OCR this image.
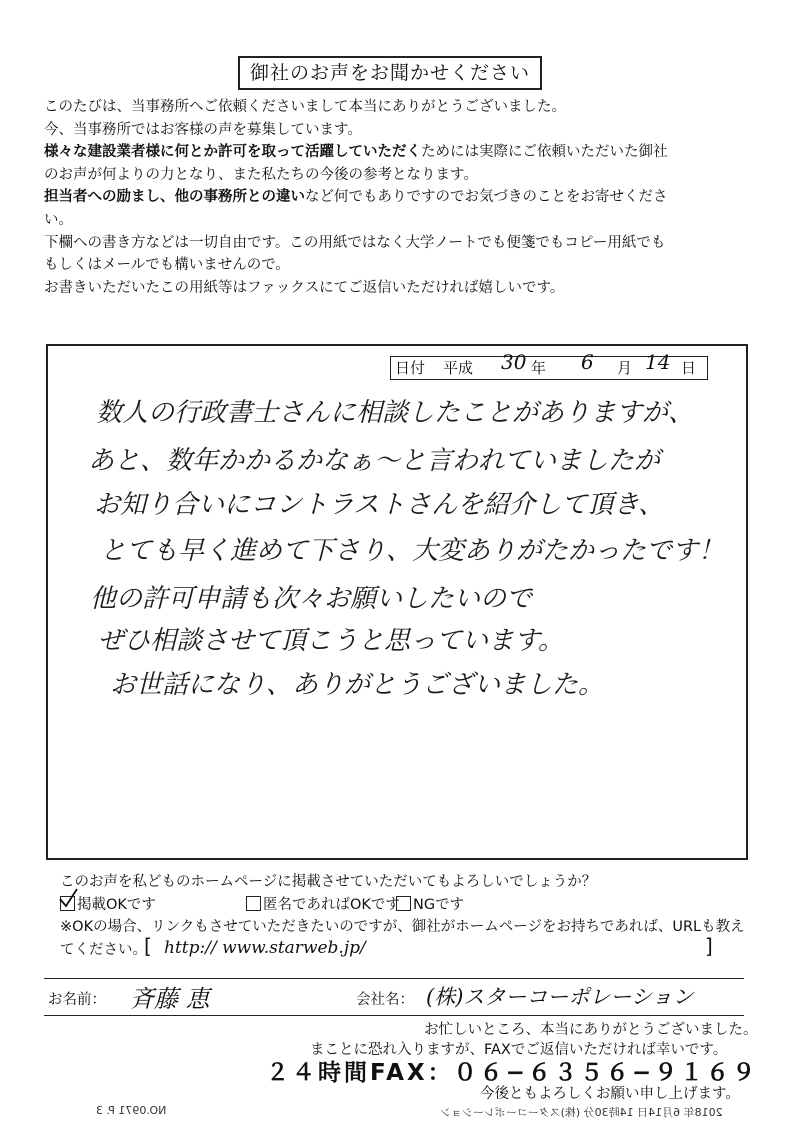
御社のお声をお聞かせください

このたびは、当事務所へご依頼くださいまして本当にありがとうございました。

今、当事務所ではお客様の声を募集しています。

様々な建設業者様に何とか許可を取って活躍していただくためには実際にご依頼いただいた御社

のお声が何よりの力となり、また私たちの今後の参考となります。

担当者への励まし、他の事務所との違いなど何でもありですのでお気づきのことをお寄せくださ

い。

下欄への書き方などは一切自由です。この用紙ではなく大学ノートでも便箋でもコピー用紙でも

もしくはメールでも構いませんので。

お書きいただいたこの用紙等はファックスにてご返信いただければ嬉しいです。

日付 平成 30 年 6 月 14 日
数人の行政書士さんに相談したことがありますが、
あと、数年かかるかなぁ〜と言われていましたが
お知り合いにコントラストさんを紹介して頂き、
とても早く進めて下さり、大変ありがたかったです！
他の許可申請も次々お願いしたいので
ぜひ相談させて頂こうと思っています。
お世話になり、ありがとうございました。
このお声を私どものホームページに掲載させていただいてもよろしいでしょうか？
掲載OKです	匿名であればOKです NGです
※OKの場合、リンクもさせていただきたいのですが、御社がホームページをお持ちであれば、URLも教え
てください。
[ http:// www.starweb.jp/	]
お名前： 斉藤 恵	会社名： (株)スターコーポレーション
お忙しいところ、本当にありがとうございました。
まことに恐れ入りますが、FAXでご返信いただければ幸いです。
２４時間FAX：０６−６３５６−９１６９
今後ともよろしくお願い申し上げます。
NO.0971 P. 3	2018年 6月14日 14時30分 (株)スターコーポレーション
